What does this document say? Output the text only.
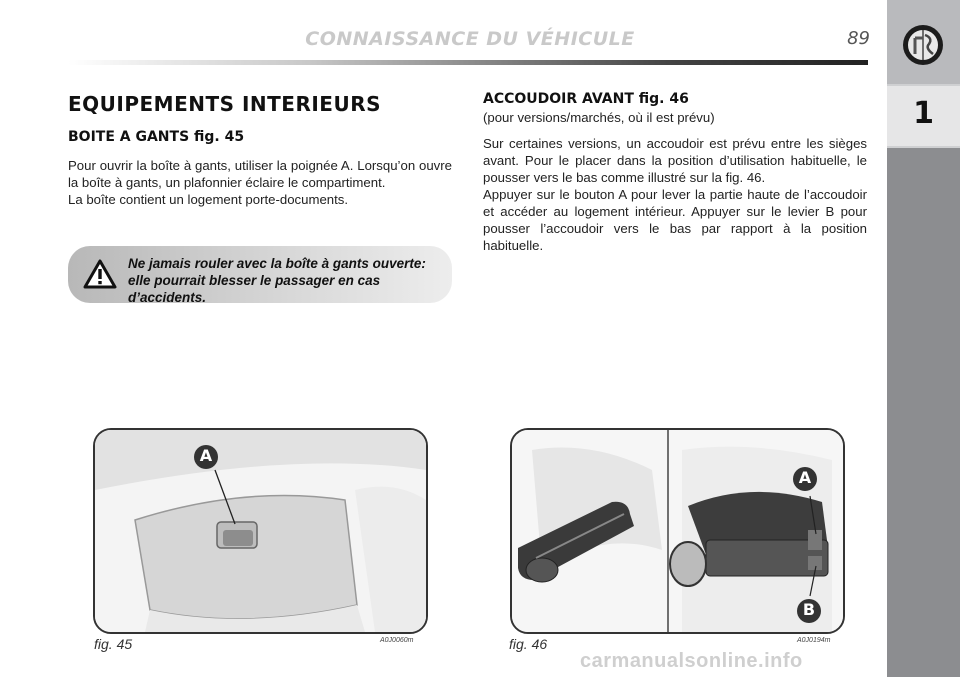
CONNAISSANCE DU VÉHICULE	89
1
EQUIPEMENTS INTERIEURS
BOITE A GANTS fig. 45

Pour ouvrir la boîte à gants, utiliser la poignée A. Lorsqu’on ouvre la boîte à gants, un plafonnier éclaire le compartiment.

La boîte contient un logement porte-documents.

Ne jamais rouler avec la boîte à gants ouverte:
elle pourrait blesser le passager en cas d’accidents.
ACCOUDOIR AVANT fig. 46
(pour versions/marchés, où il est prévu)

Sur certaines versions, un accoudoir est prévu entre les sièges avant. Pour le placer dans la position d’utilisation habituelle, le pousser vers le bas comme illustré sur la fig. 46.

Appuyer sur le bouton A pour lever la partie haute de l’accoudoir et accéder au logement intérieur. Appuyer sur le levier B pour pousser l’accoudoir vers le bas par rapport à la position habituelle.

A
fig. 45	A0J0060m
A
B
fig. 46	A0J0194m
carmanualsonline.info
